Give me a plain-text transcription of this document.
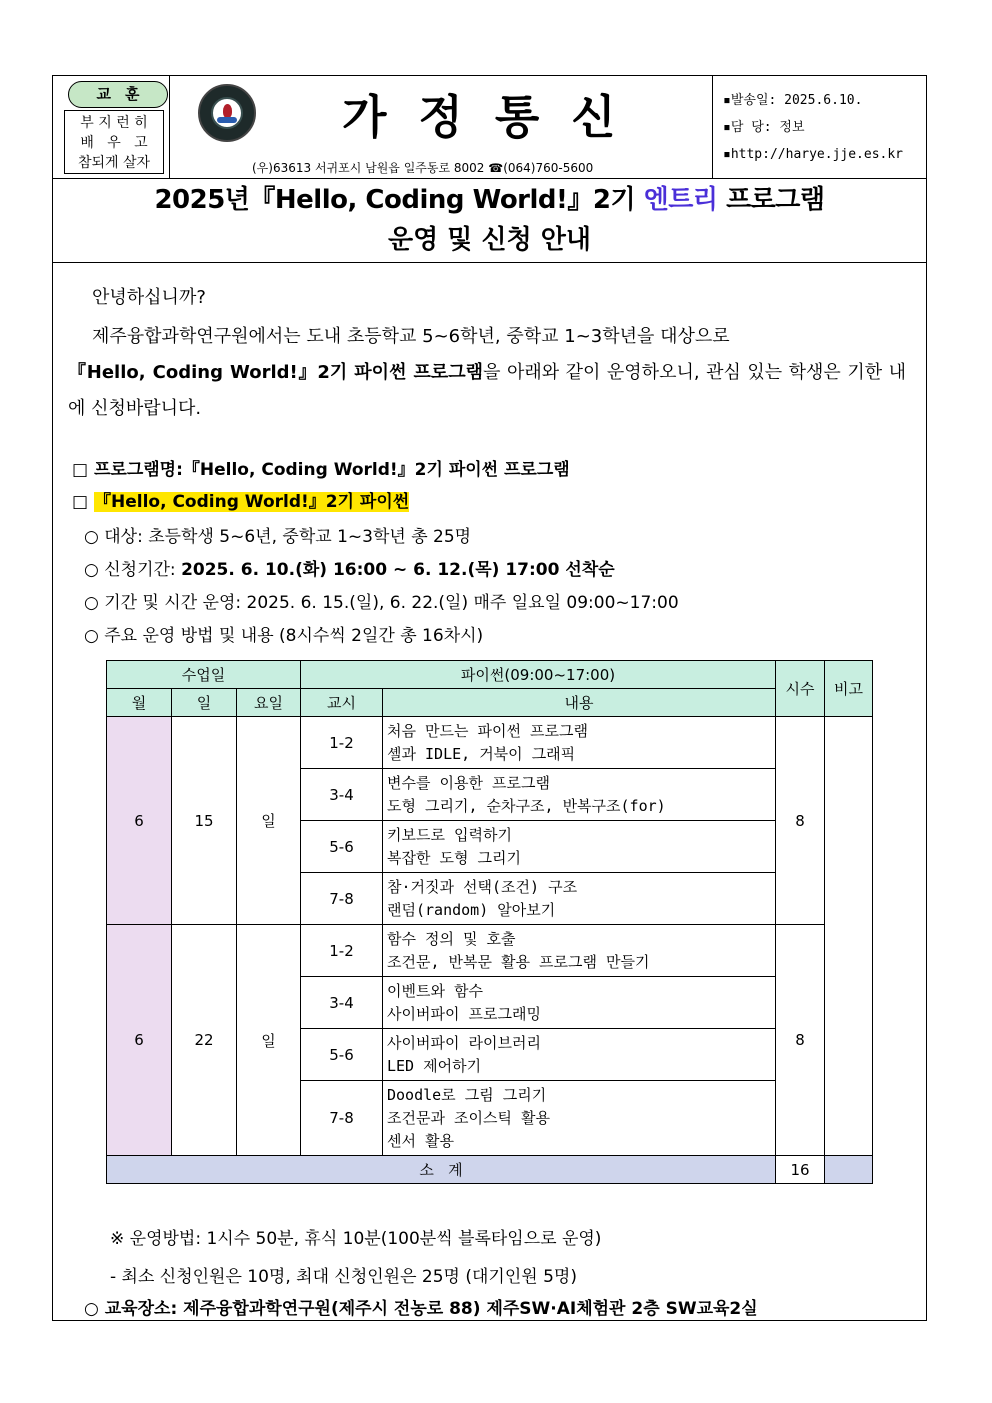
교훈
부 지 런 히
배   우   고
참되게 살자
가정통신
(우)63613 서귀포시 남원읍 일주동로 8002 ☎(064)760-5600
▪발송일: 2025.6.10.
▪담 당: 정보
▪http://harye.jje.es.kr
2025년『Hello, Coding World!』2기 엔트리 프로그램
운영 및 신청 안내
안녕하십니까?
제주융합과학연구원에서는 도내 초등학교 5~6학년, 중학교 1~3학년을 대상으로
『Hello, Coding World!』2기 파이썬 프로그램을 아래와 같이 운영하오니, 관심 있는 학생은 기한 내에 신청바랍니다.
□ 프로그램명:『Hello, Coding World!』2기 파이썬 프로그램
□ 『Hello, Coding World!』2기 파이썬
○ 대상: 초등학생 5~6년, 중학교 1~3학년 총 25명
○ 신청기간: 2025. 6. 10.(화) 16:00 ~ 6. 12.(목) 17:00 선착순
○ 기간 및 시간 운영: 2025. 6. 15.(일), 6. 22.(일) 매주 일요일 09:00~17:00
○ 주요 운영 방법 및 내용 (8시수씩 2일간 총 16차시)
수업일			파이썬(09:00~17:00)		시수	비고
월	일	요일	교시	내용		
6	15	일	1-2	처음 만드는 파이썬 프로그램
셸과 IDLE, 거북이 그래픽	8	
			3-4	변수를 이용한 프로그램
도형 그리기, 순차구조, 반복구조(for)		

			5-6	키보드로 입력하기
복잡한 도형 그리기		

			7-8	참·거짓과 선택(조건) 구조
랜덤(random) 알아보기		

6	22	일	1-2	함수 정의 및 호출
조건문, 반복문 활용 프로그램 만들기	8	
			3-4	이벤트와 함수
사이버파이 프로그래밍		

			5-6	사이버파이 라이브러리
LED 제어하기		

			7-8	Doodle로 그림 그리기
조건문과 조이스틱 활용
센서 활용		

소   계					16	
※ 운영방법: 1시수 50분, 휴식 10분(100분씩 블록타임으로 운영)
- 최소 신청인원은 10명, 최대 신청인원은 25명 (대기인원 5명)
○ 교육장소: 제주융합과학연구원(제주시 전농로 88) 제주SW·AI체험관 2층 SW교육2실
